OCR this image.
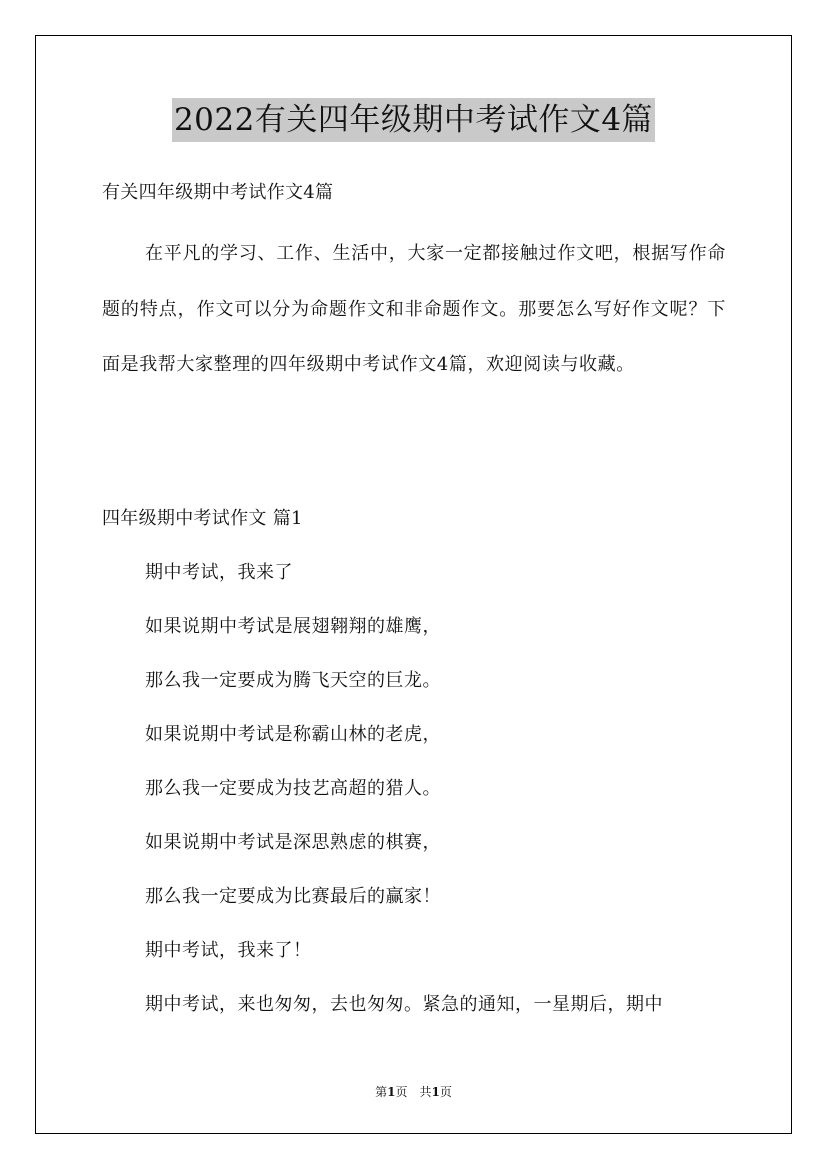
2022有关四年级期中考试作文4篇
有关四年级期中考试作文4篇
在平凡的学习、工作、生活中，大家一定都接触过作文吧，根据写作命题的特点，作文可以分为命题作文和非命题作文。那要怎么写好作文呢？下面是我帮大家整理的四年级期中考试作文4篇，欢迎阅读与收藏。
四年级期中考试作文 篇1
期中考试，我来了
如果说期中考试是展翅翱翔的雄鹰，
那么我一定要成为腾飞天空的巨龙。
如果说期中考试是称霸山林的老虎，
那么我一定要成为技艺高超的猎人。
如果说期中考试是深思熟虑的棋赛，
那么我一定要成为比赛最后的赢家！
期中考试，我来了！
期中考试，来也匆匆，去也匆匆。紧急的通知，一星期后，期中
第1页　共1页
